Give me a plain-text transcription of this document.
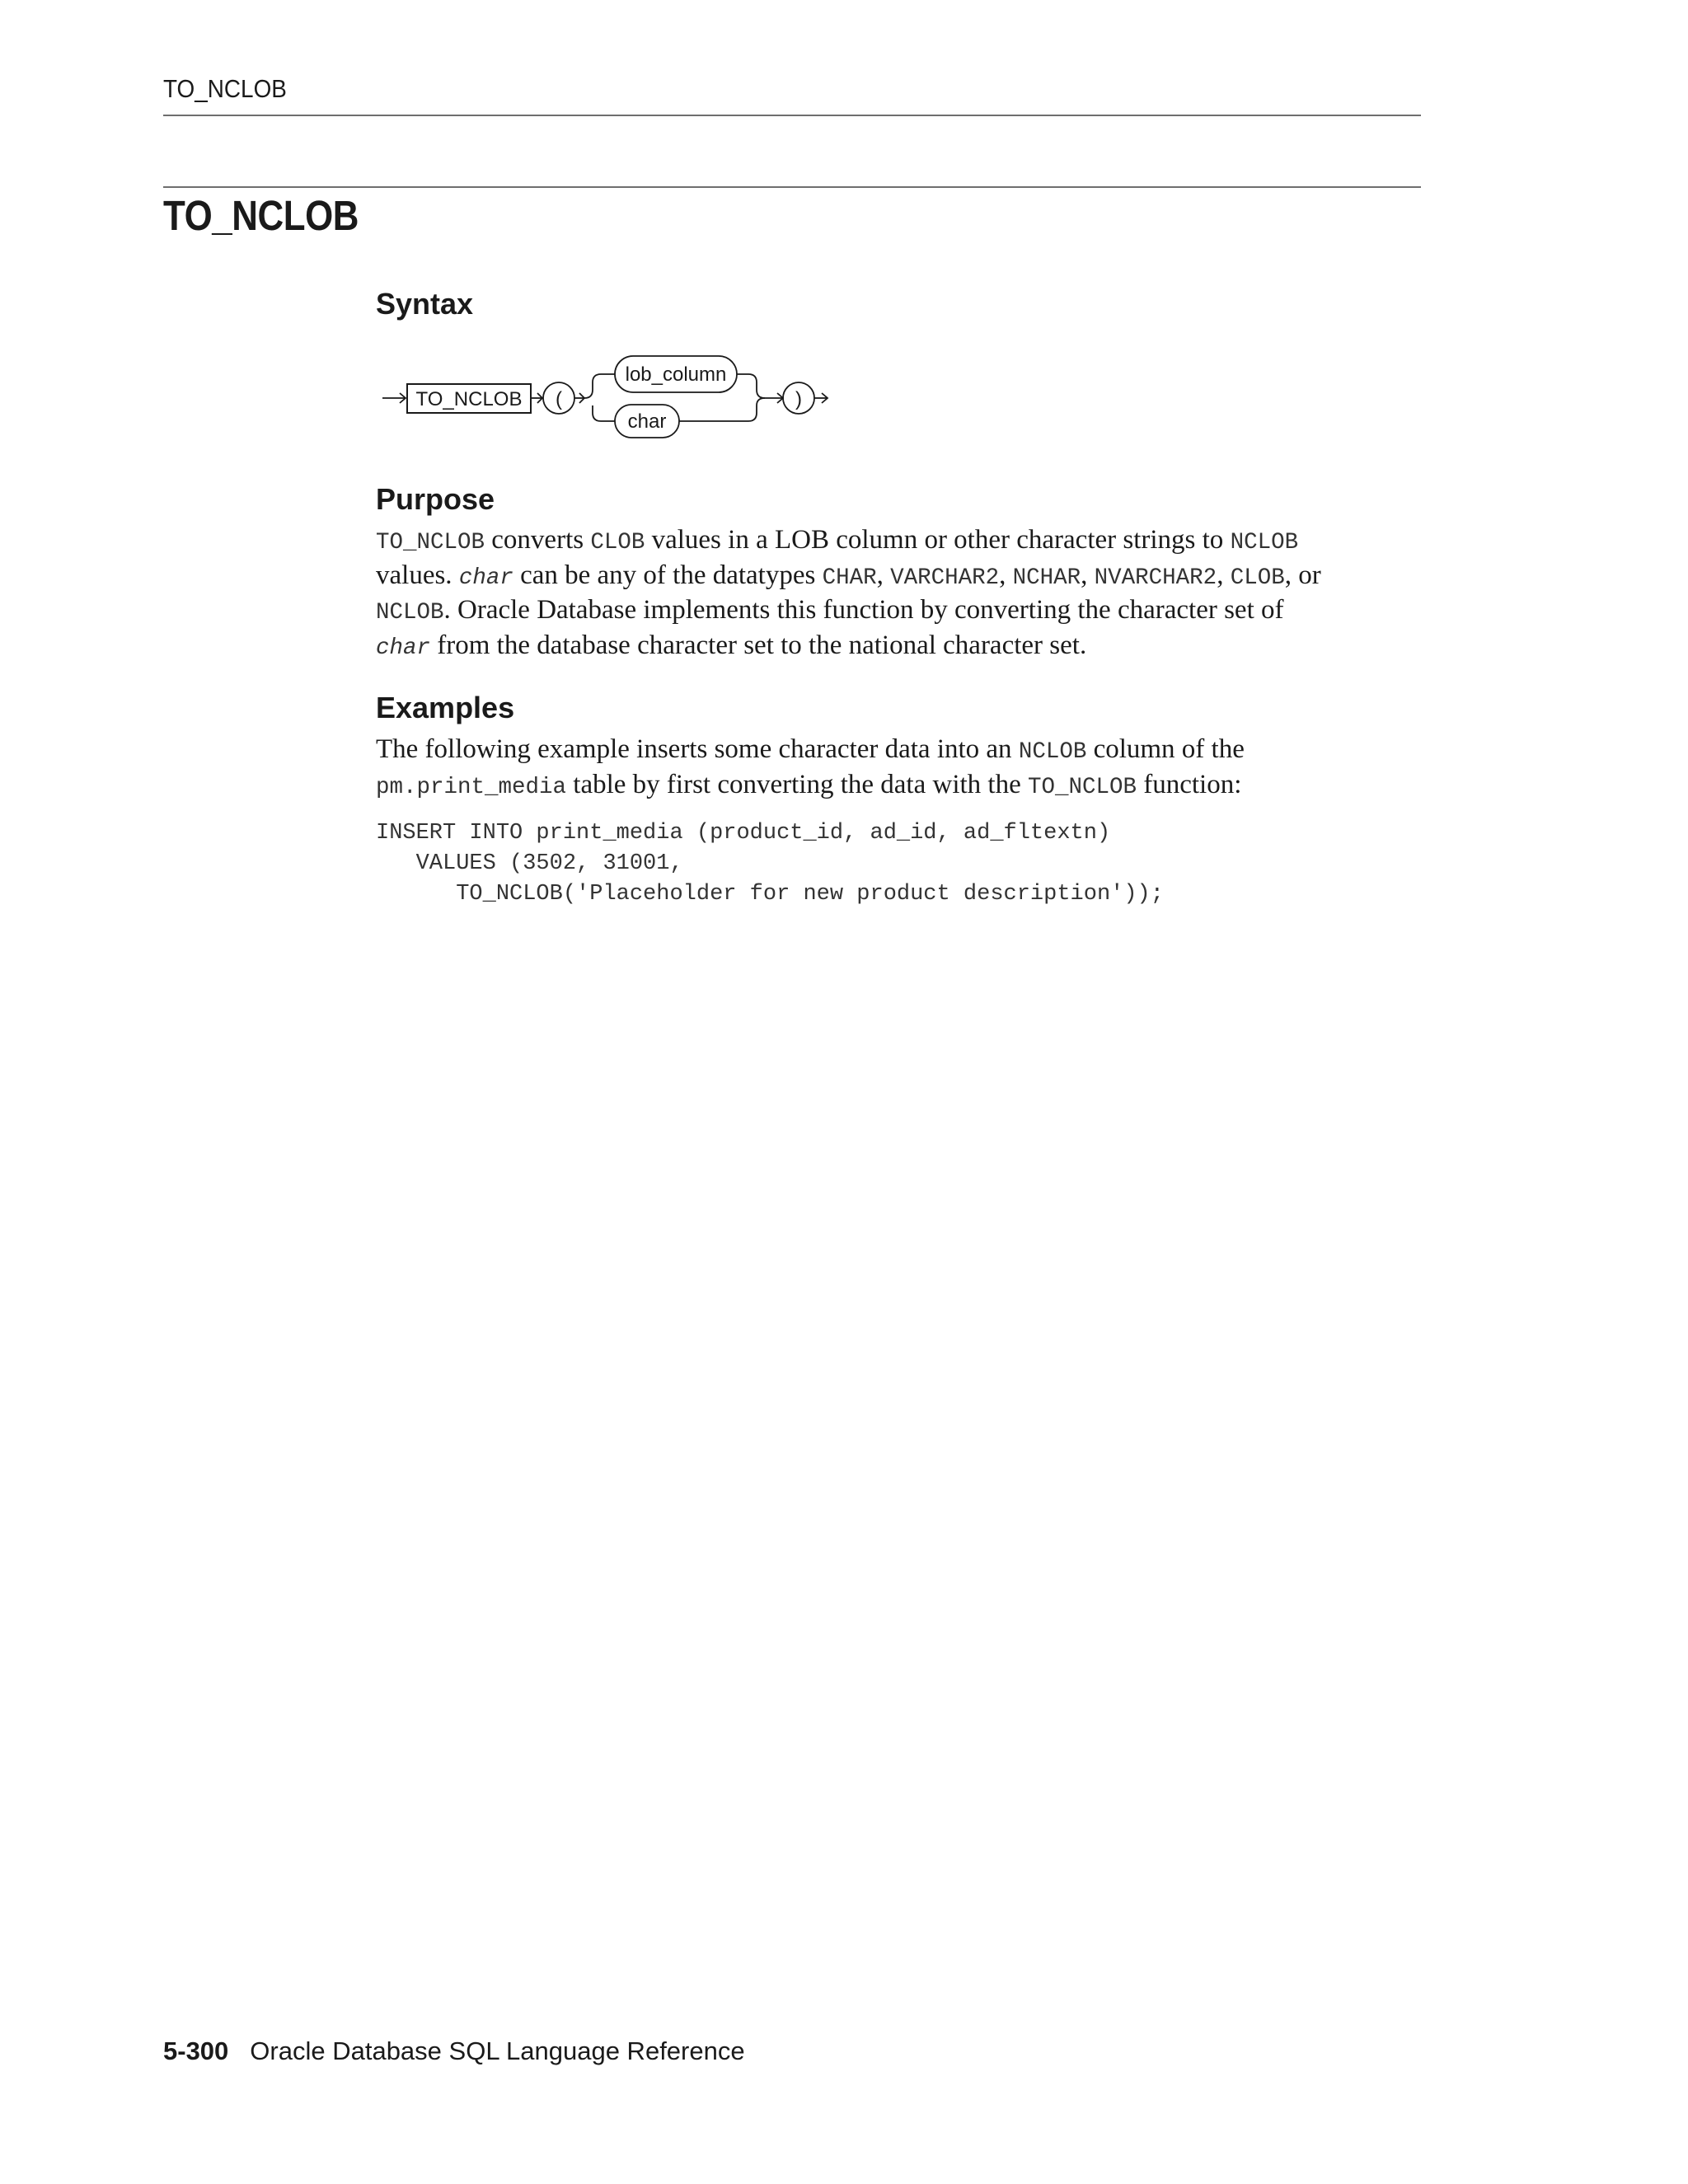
TO_NCLOB
TO_NCLOB
Syntax
TO_NCLOB (
lob_column
char
)
Purpose

TO_NCLOB converts CLOB values in a LOB column or other character strings to NCLOB
values. char can be any of the datatypes CHAR, VARCHAR2, NCHAR, NVARCHAR2, CLOB, or
NCLOB. Oracle Database implements this function by converting the character set of
char from the database character set to the national character set.

Examples

The following example inserts some character data into an NCLOB column of the
pm.print_media table by first converting the data with the TO_NCLOB function:

INSERT INTO print_media (product_id, ad_id, ad_fltextn)
VALUES (3502, 31001,
TO_NCLOB('Placeholder for new product description'));
5-300 Oracle Database SQL Language Reference
